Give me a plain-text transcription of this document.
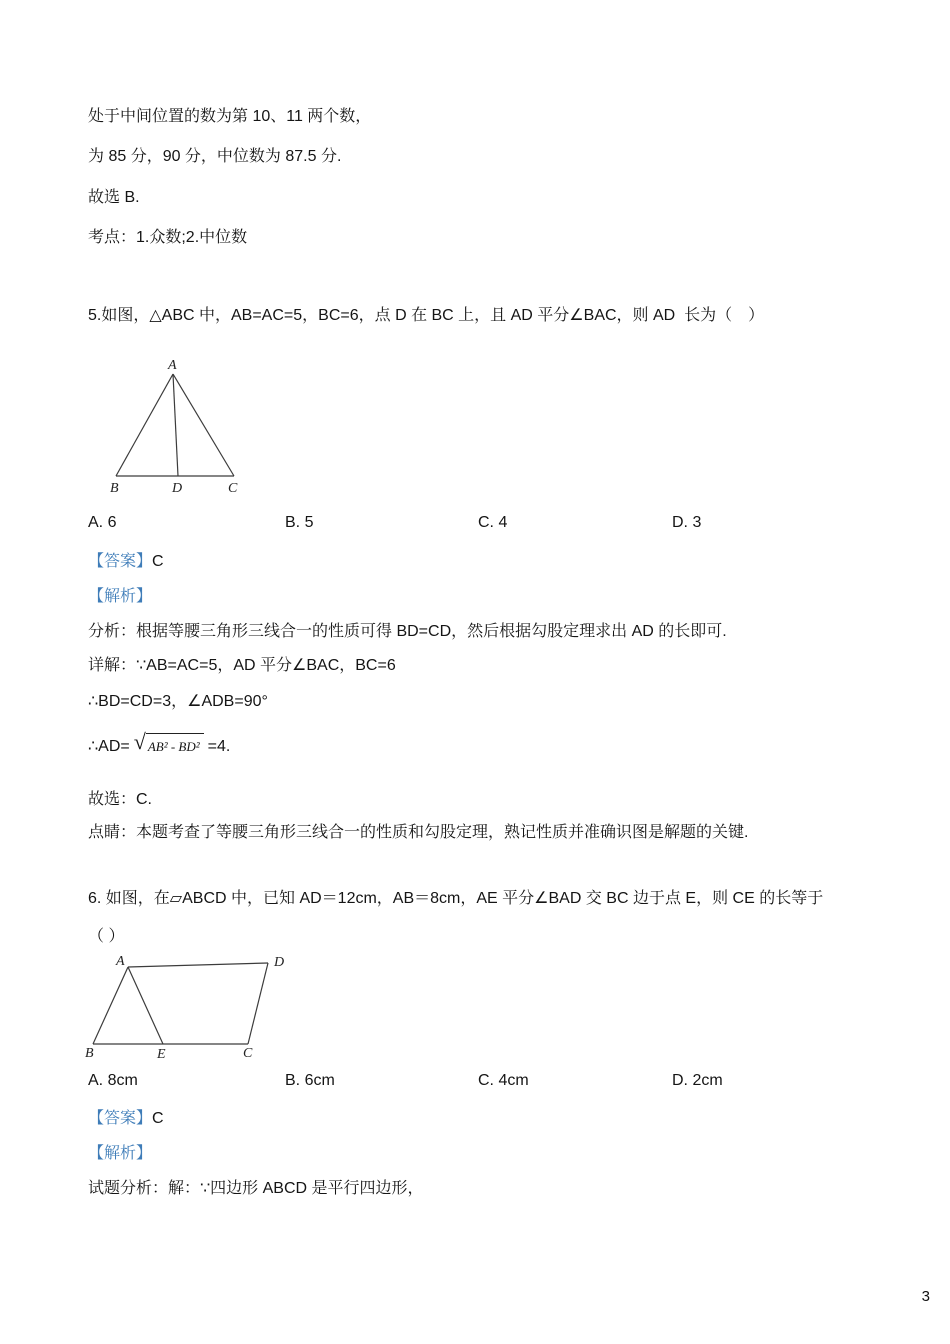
处于中间位置的数为第 10、11 两个数，

为 85 分，90 分，中位数为 87.5 分.

故选 B.

考点：1.众数;2.中位数

5.如图，△ABC 中，AB=AC=5，BC=6，点 D 在 BC 上，且 AD 平分∠BAC，则 AD  长为（　）

A
B	D	C
A. 6	B. 5	C. 4	D. 3

【答案】C

【解析】

分析：根据等腰三角形三线合一的性质可得 BD=CD，然后根据勾股定理求出 AD 的长即可.

详解：∵AB=AC=5，AD 平分∠BAC，BC=6

∴BD=CD=3，∠ADB=90°

∴AD= √ AB² - BD² =4.

故选：C.

点睛：本题考查了等腰三角形三线合一的性质和勾股定理，熟记性质并准确识图是解题的关键.

6. 如图，在▱ABCD 中，已知 AD＝12cm，AB＝8cm，AE 平分∠BAD 交 BC 边于点 E，则 CE 的长等于

（ ）

A	D
B	E	C
A. 8cm	B. 6cm	C. 4cm	D. 2cm

【答案】C

【解析】

试题分析：解：∵四边形 ABCD 是平行四边形，

3
